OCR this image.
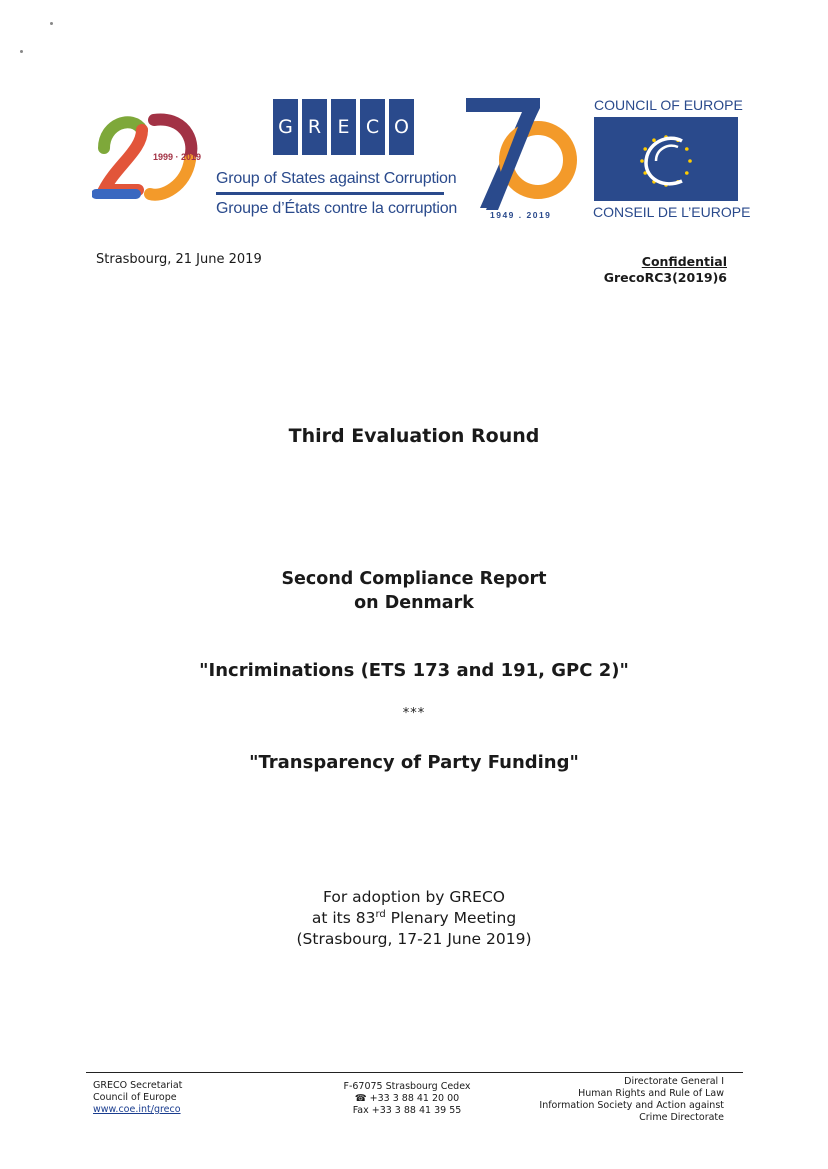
1999 · 2019
G R E C O
Group of States against Corruption
Groupe d’États contre la corruption	1949 . 2019
COUNCIL OF EUROPE
CONSEIL DE L’EUROPE
Strasbourg, 21 June 2019	Confidential
GrecoRC3(2019)6
Third Evaluation Round
Second Compliance Report
on Denmark
"Incriminations (ETS 173 and 191, GPC 2)"
***
"Transparency of Party Funding"
For adoption by GRECO
at its 83rd Plenary Meeting
(Strasbourg, 17-21 June 2019)
GRECO Secretariat
Council of Europe
www.coe.int/greco
F-67075 Strasbourg Cedex
☎ +33 3 88 41 20 00
Fax +33 3 88 41 39 55
Directorate General I
Human Rights and Rule of Law
Information Society and Action against
Crime Directorate
